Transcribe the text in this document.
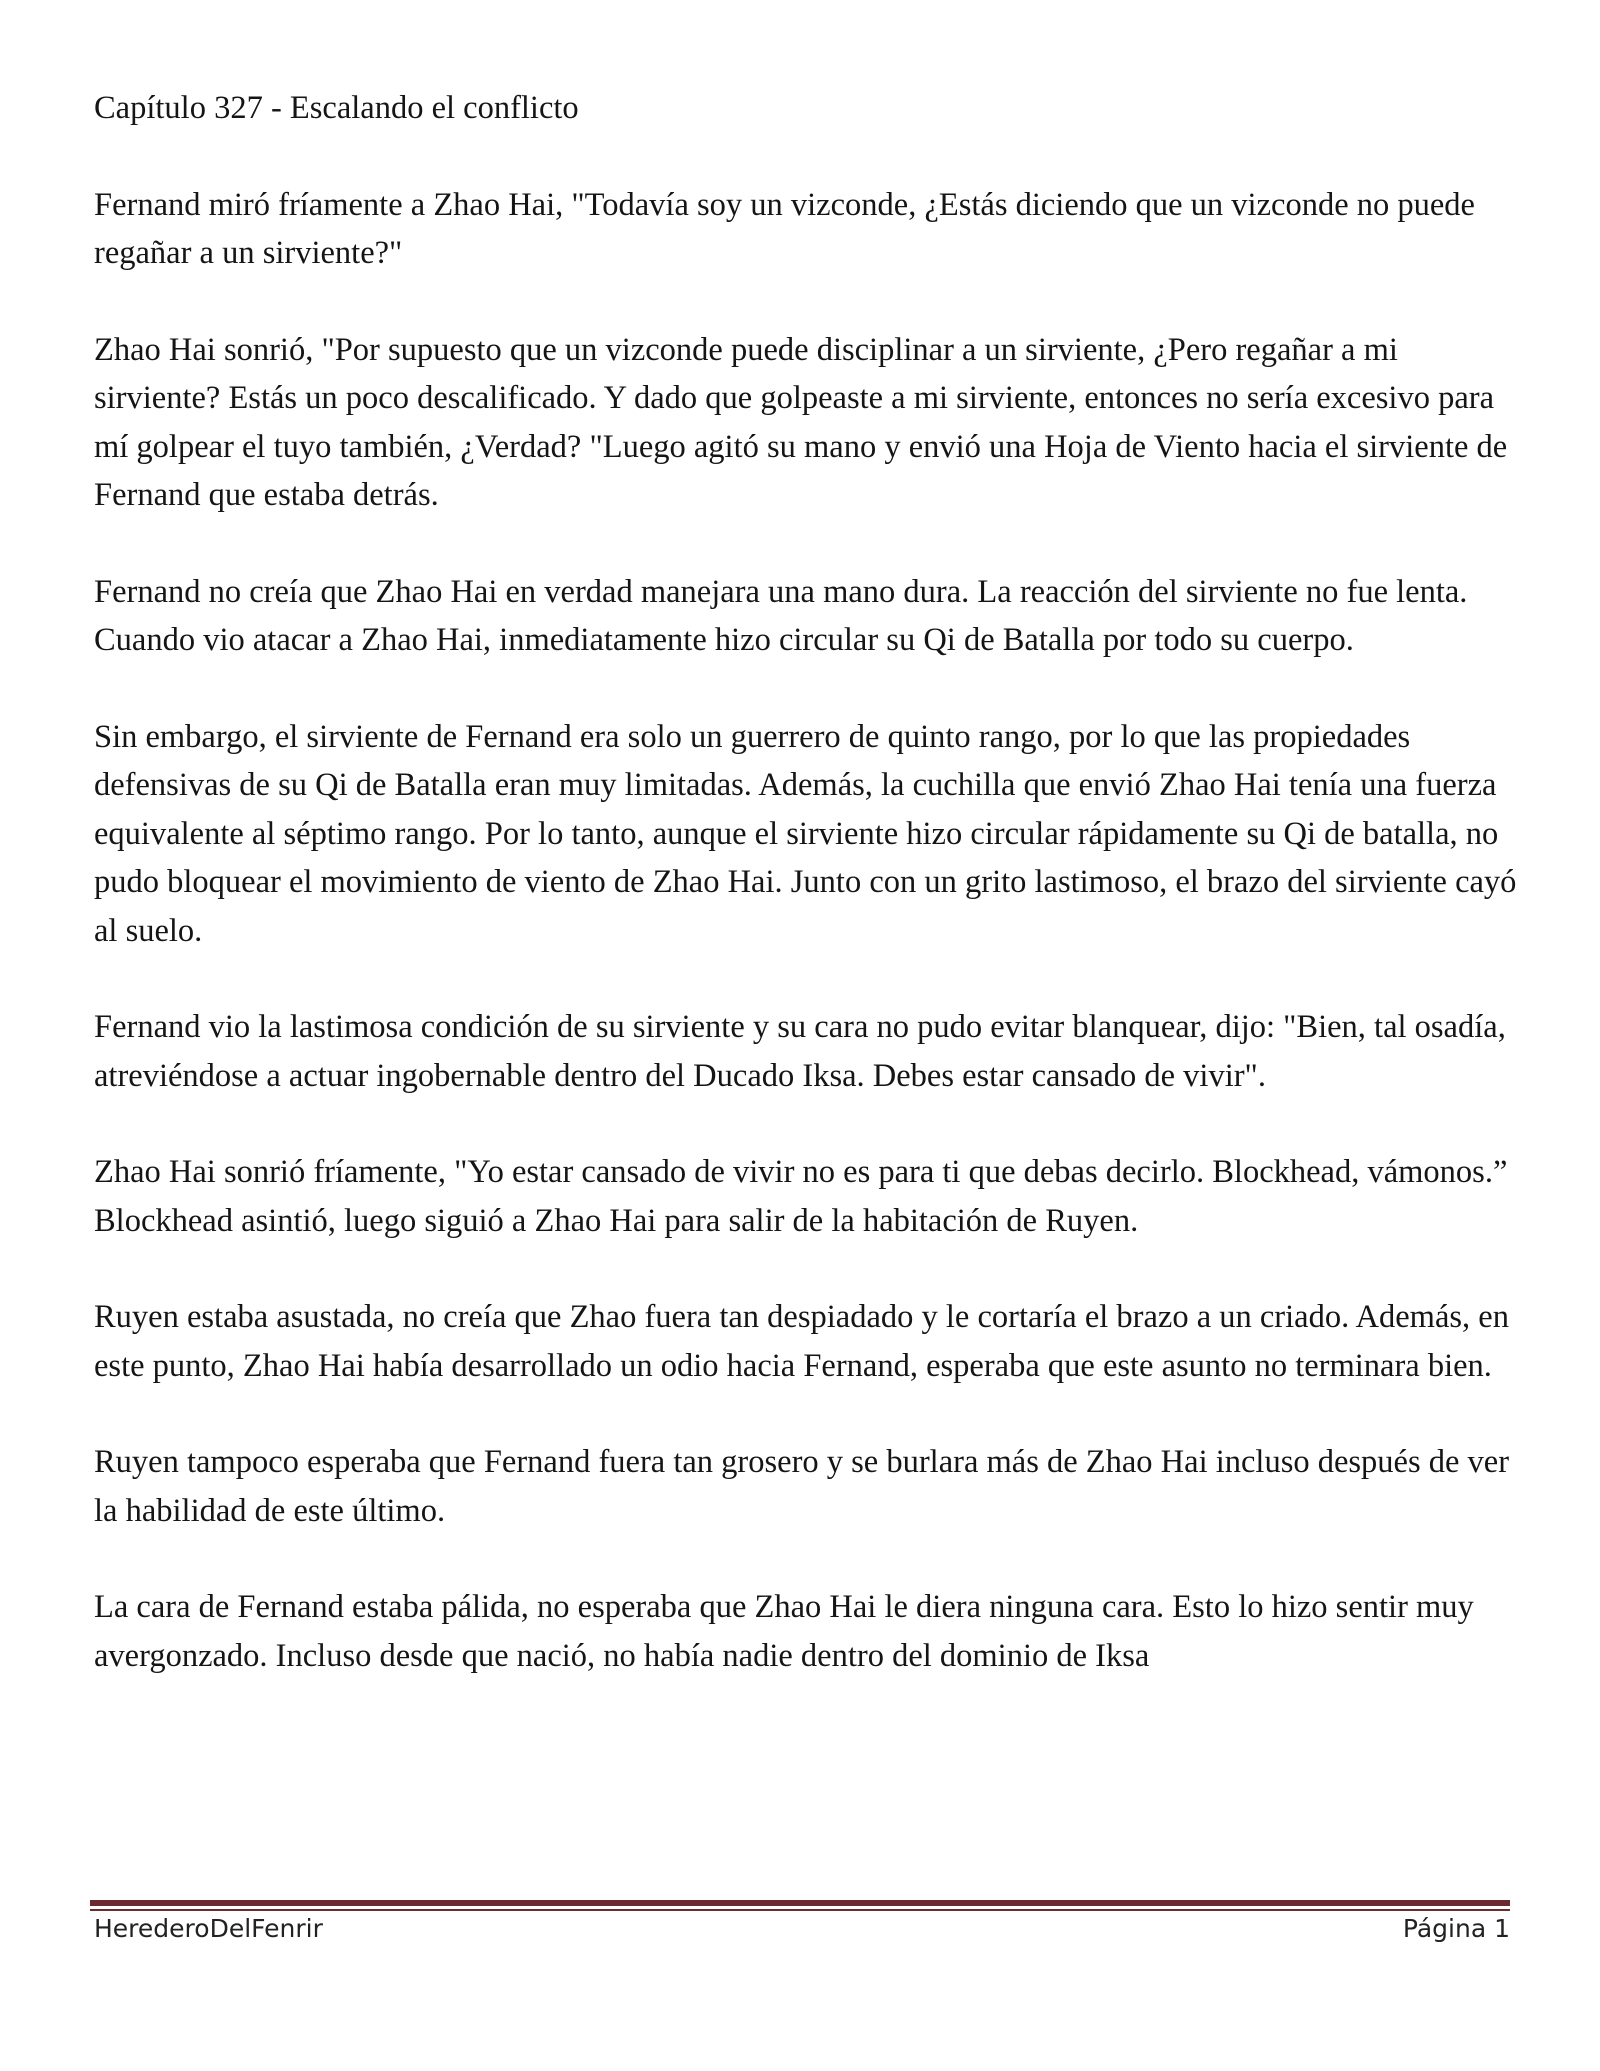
Capítulo 327 - Escalando el conflicto
Fernand miró fríamente a Zhao Hai, "Todavía soy un vizconde, ¿Estás diciendo que un vizconde no puede regañar a un sirviente?"
Zhao Hai sonrió, "Por supuesto que un vizconde puede disciplinar a un sirviente, ¿Pero regañar a mi sirviente? Estás un poco descalificado. Y dado que golpeaste a mi sirviente, entonces no sería excesivo para mí golpear el tuyo también, ¿Verdad? "Luego agitó su mano y envió una Hoja de Viento hacia el sirviente de Fernand que estaba detrás.
Fernand no creía que Zhao Hai en verdad manejara una mano dura. La reacción del sirviente no fue lenta. Cuando vio atacar a Zhao Hai, inmediatamente hizo circular su Qi de Batalla por todo su cuerpo.
Sin embargo, el sirviente de Fernand era solo un guerrero de quinto rango, por lo que las propiedades defensivas de su Qi de Batalla eran muy limitadas. Además, la cuchilla que envió Zhao Hai tenía una fuerza equivalente al séptimo rango. Por lo tanto, aunque el sirviente hizo circular rápidamente su Qi de batalla, no pudo bloquear el movimiento de viento de Zhao Hai. Junto con un grito lastimoso, el brazo del sirviente cayó al suelo.
Fernand vio la lastimosa condición de su sirviente y su cara no pudo evitar blanquear, dijo: "Bien, tal osadía, atreviéndose a actuar ingobernable dentro del Ducado Iksa. Debes estar cansado de vivir".
Zhao Hai sonrió fríamente, "Yo estar cansado de vivir no es para ti que debas decirlo. Blockhead, vámonos.” Blockhead asintió, luego siguió a Zhao Hai para salir de la habitación de Ruyen.
Ruyen estaba asustada, no creía que Zhao fuera tan despiadado y le cortaría el brazo a un criado. Además, en este punto, Zhao Hai había desarrollado un odio hacia Fernand, esperaba que este asunto no terminara bien.
Ruyen tampoco esperaba que Fernand fuera tan grosero y se burlara más de Zhao Hai incluso después de ver la habilidad de este último.
La cara de Fernand estaba pálida, no esperaba que Zhao Hai le diera ninguna cara. Esto lo hizo sentir muy avergonzado. Incluso desde que nació, no había nadie dentro del dominio de Iksa
HerederoDelFenrir	Página 1
